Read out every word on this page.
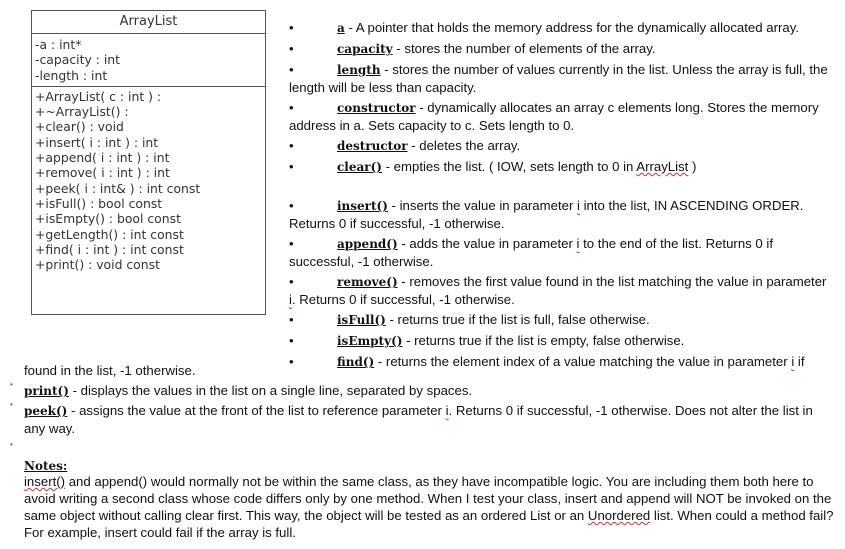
ArrayList
-a : int*
-capacity : int
-length : int
+ArrayList( c : int ) :
+~ArrayList() :
+clear() : void
+insert( i : int ) : int
+append( i : int ) : int
+remove( i : int ) : int
+peek( i : int& ) : int const
+isFull() : bool const
+isEmpty() : bool const
+getLength() : int const
+find( i : int ) : int const
+print() : void const

•	a - A pointer that holds the memory address for the dynamically allocated array.

•	capacity - stores the number of elements of the array.

•	length - stores the number of values currently in the list. Unless the array is full, the length will be less than capacity.

•	constructor - dynamically allocates an array c elements long. Stores the memory address in a. Sets capacity to c. Sets length to 0.

•	destructor - deletes the array.

•	clear() - empties the list. ( IOW, sets length to 0 in ArrayList )

•	insert() - inserts the value in parameter i into the list, IN ASCENDING ORDER. Returns 0 if successful, -1 otherwise.

•	append() - adds the value in parameter i to the end of the list. Returns 0 if successful, -1 otherwise.

•	remove() - removes the first value found in the list matching the value in parameter i. Returns 0 if successful, -1 otherwise.

•	isFull() - returns true if the list is full, false otherwise.

•	isEmpty() - returns true if the list is empty, false otherwise.

•	find() - returns the element index of a value matching the value in parameter i if

found in the list, -1 otherwise.
• print() - displays the values in the list on a single line, separated by spaces.
• peek() - assigns the value at the front of the list to reference parameter i. Returns 0 if successful, -1 otherwise. Does not alter the list in any way.
•
Notes:
insert() and append() would normally not be within the same class, as they have incompatible logic. You are including them both here to avoid writing a second class whose code differs only by one method. When I test your class, insert and append will NOT be invoked on the same object without calling clear first. This way, the object will be tested as an ordered List or an Unordered list. When could a method fail? For example, insert could fail if the array is full.
